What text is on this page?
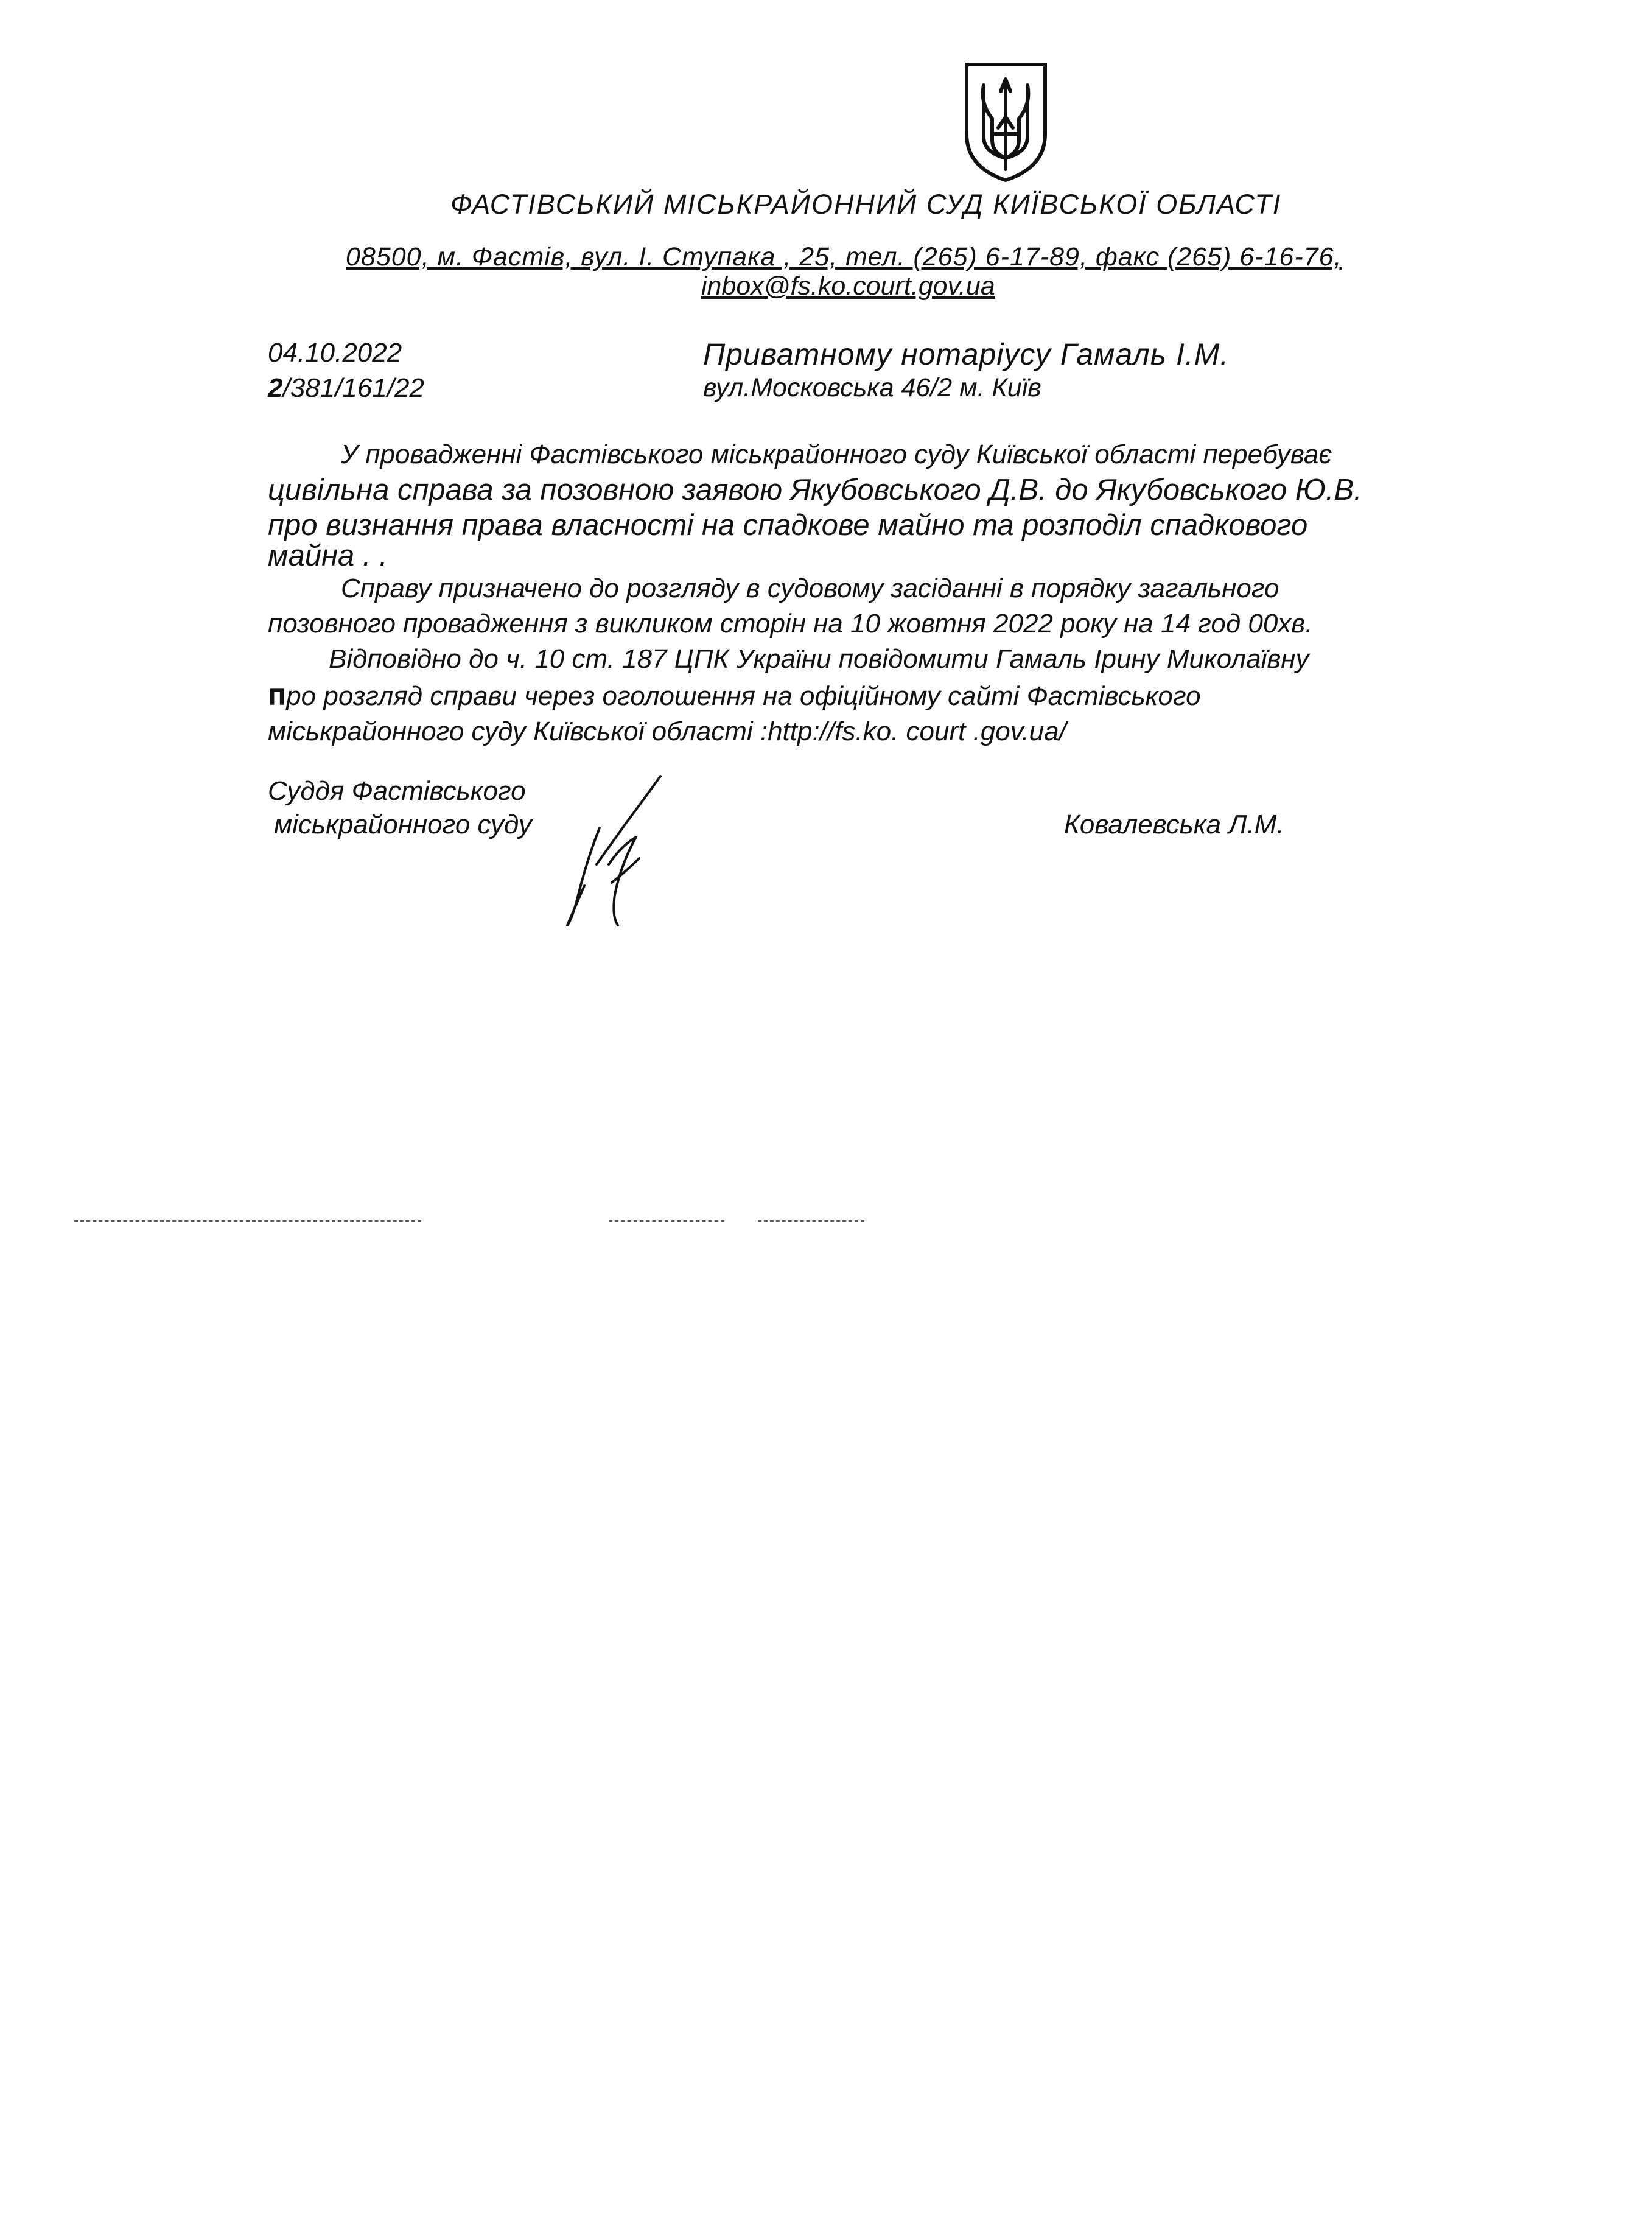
ФАСТІВСЬКИЙ МІСЬКРАЙОННИЙ СУД КИЇВСЬКОЇ ОБЛАСТІ
08500, м. Фастів, вул. І. Ступака , 25, тел. (265) 6-17-89, факс (265) 6-16-76,
inbox@fs.ko.court.gov.ua
04.10.2022
2/381/161/22
Приватному нотаріусу Гамаль І.М.
вул.Московська 46/2 м. Київ
У провадженні Фастівського міськрайонного суду Київської області перебуває
цивільна справа за позовною заявою Якубовського Д.В. до Якубовського Ю.В.
про визнання права власності на спадкове майно та розподіл спадкового
майна . .
Справу призначено до розгляду в судовому засіданні в порядку загального
позовного провадження з викликом сторін на 10 жовтня 2022 року на 14 год 00хв.
Відповідно до ч. 10 ст. 187 ЦПК України повідомити Гамаль Ірину Миколаївну
про розгляд справи через оголошення на офіційному сайті Фастівського
міськрайонного суду Київської області :http://fs.ko. court .gov.ua/
Суддя Фастівського
міськрайонного суду	Ковалевська Л.М.
